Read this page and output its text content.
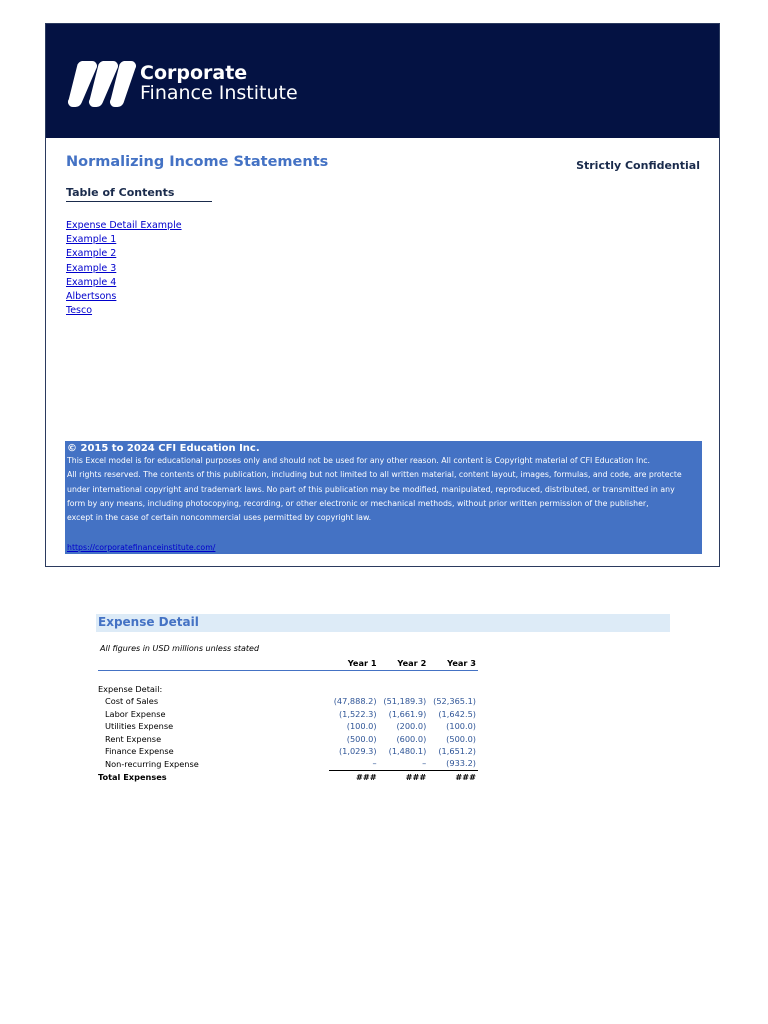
Corporate
Finance Institute
Normalizing Income Statements	Strictly Confidential
Table of Contents
Expense Detail Example
Example 1
Example 2
Example 3
Example 4
Albertsons
Tesco
© 2015 to 2024 CFI Education Inc.
This Excel model is for educational purposes only and should not be used for any other reason. All content is Copyright material of CFI Education Inc.
All rights reserved. The contents of this publication, including but not limited to all written material, content layout, images, formulas, and code, are protecte
under international copyright and trademark laws. No part of this publication may be modified, manipulated, reproduced, distributed, or transmitted in any
form by any means, including photocopying, recording, or other electronic or mechanical methods, without prior written permission of the publisher,
except in the case of certain noncommercial uses permitted by copyright law.
https://corporatefinanceinstitute.com/
Expense Detail
All figures in USD millions unless stated
	Year 1	Year 2	Year 3

Expense Detail:			
Cost of Sales	(47,888.2)	(51,189.3)	(52,365.1)
Labor Expense	(1,522.3)	(1,661.9)	(1,642.5)
Utilities Expense	(100.0)	(200.0)	(100.0)
Rent Expense	(500.0)	(600.0)	(500.0)
Finance Expense	(1,029.3)	(1,480.1)	(1,651.2)
Non-recurring Expense	–	–	(933.2)
Total Expenses	###	###	###
